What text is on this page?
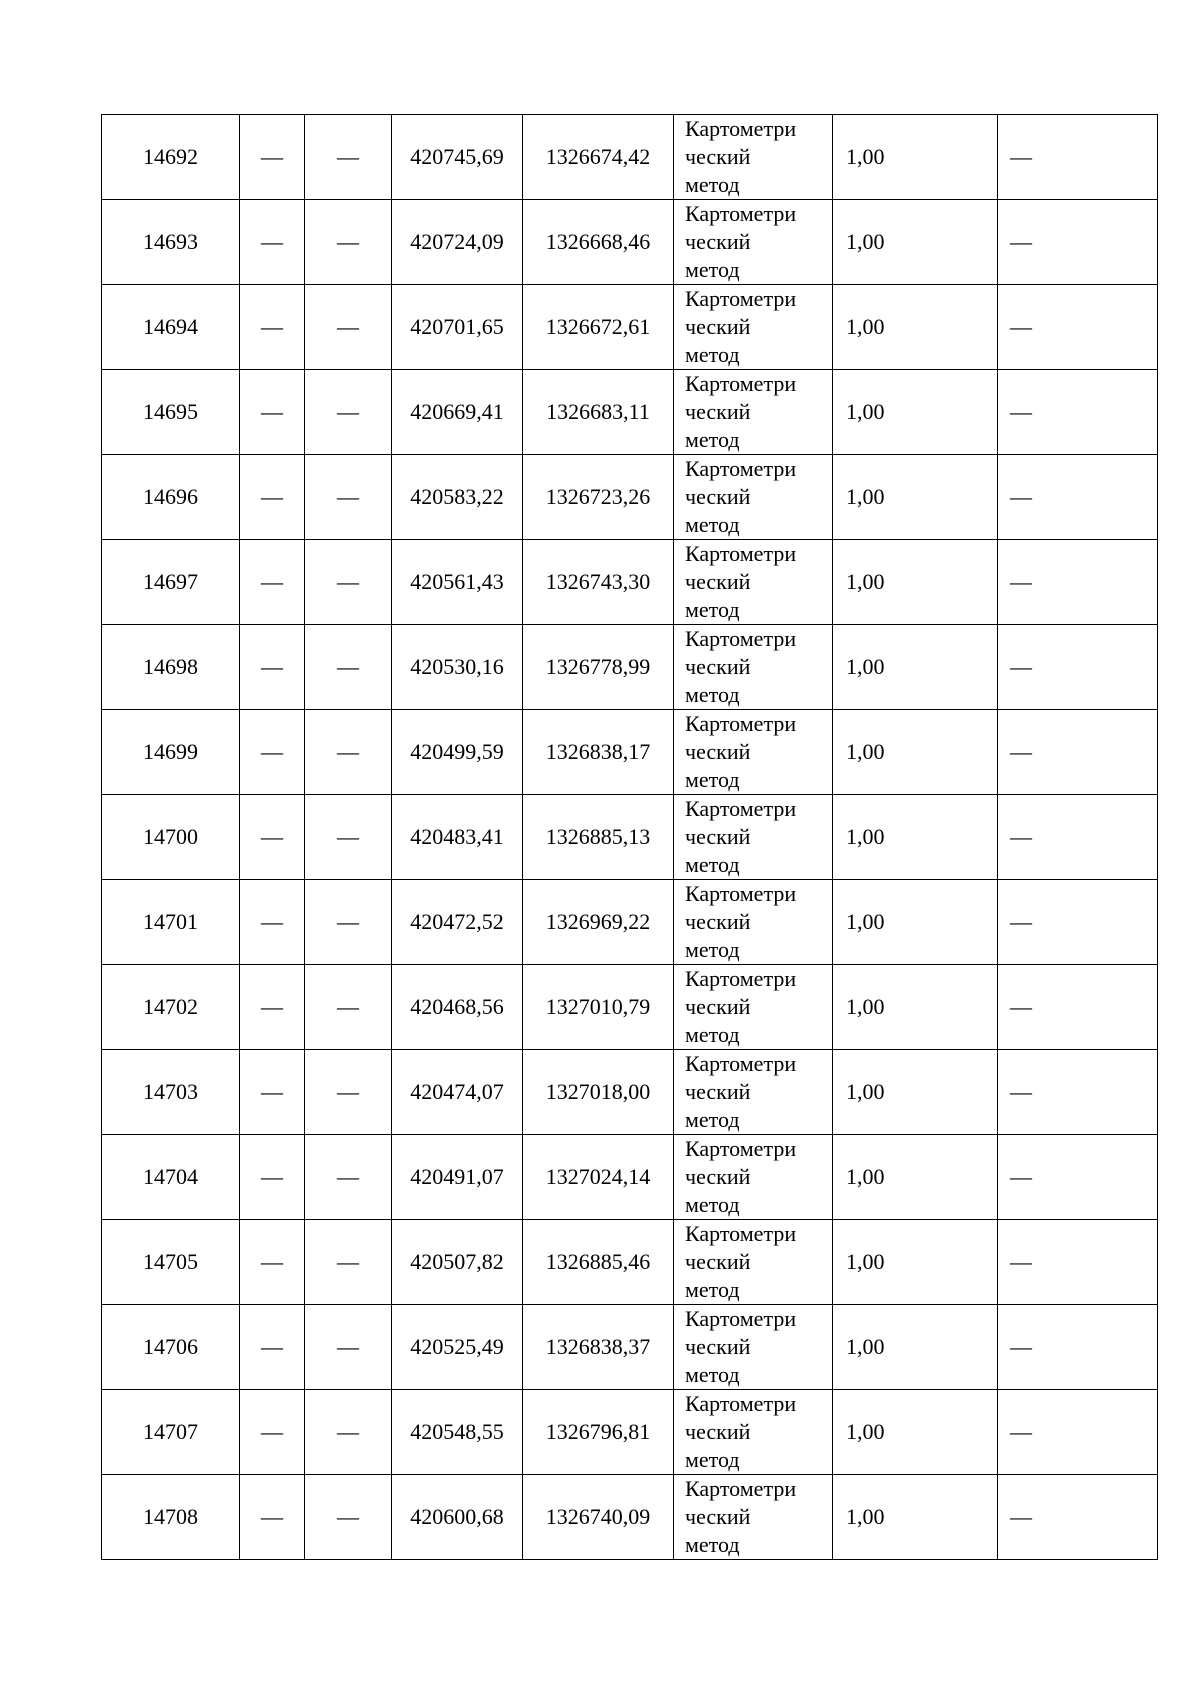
14692	—	—	420745,69	1326674,42	Картометри
ческий
метод	1,00	—
14693	—	—	420724,09	1326668,46	Картометри
ческий
метод	1,00	—
14694	—	—	420701,65	1326672,61	Картометри
ческий
метод	1,00	—
14695	—	—	420669,41	1326683,11	Картометри
ческий
метод	1,00	—
14696	—	—	420583,22	1326723,26	Картометри
ческий
метод	1,00	—
14697	—	—	420561,43	1326743,30	Картометри
ческий
метод	1,00	—
14698	—	—	420530,16	1326778,99	Картометри
ческий
метод	1,00	—
14699	—	—	420499,59	1326838,17	Картометри
ческий
метод	1,00	—
14700	—	—	420483,41	1326885,13	Картометри
ческий
метод	1,00	—
14701	—	—	420472,52	1326969,22	Картометри
ческий
метод	1,00	—
14702	—	—	420468,56	1327010,79	Картометри
ческий
метод	1,00	—
14703	—	—	420474,07	1327018,00	Картометри
ческий
метод	1,00	—
14704	—	—	420491,07	1327024,14	Картометри
ческий
метод	1,00	—
14705	—	—	420507,82	1326885,46	Картометри
ческий
метод	1,00	—
14706	—	—	420525,49	1326838,37	Картометри
ческий
метод	1,00	—
14707	—	—	420548,55	1326796,81	Картометри
ческий
метод	1,00	—
14708	—	—	420600,68	1326740,09	Картометри
ческий
метод	1,00	—
